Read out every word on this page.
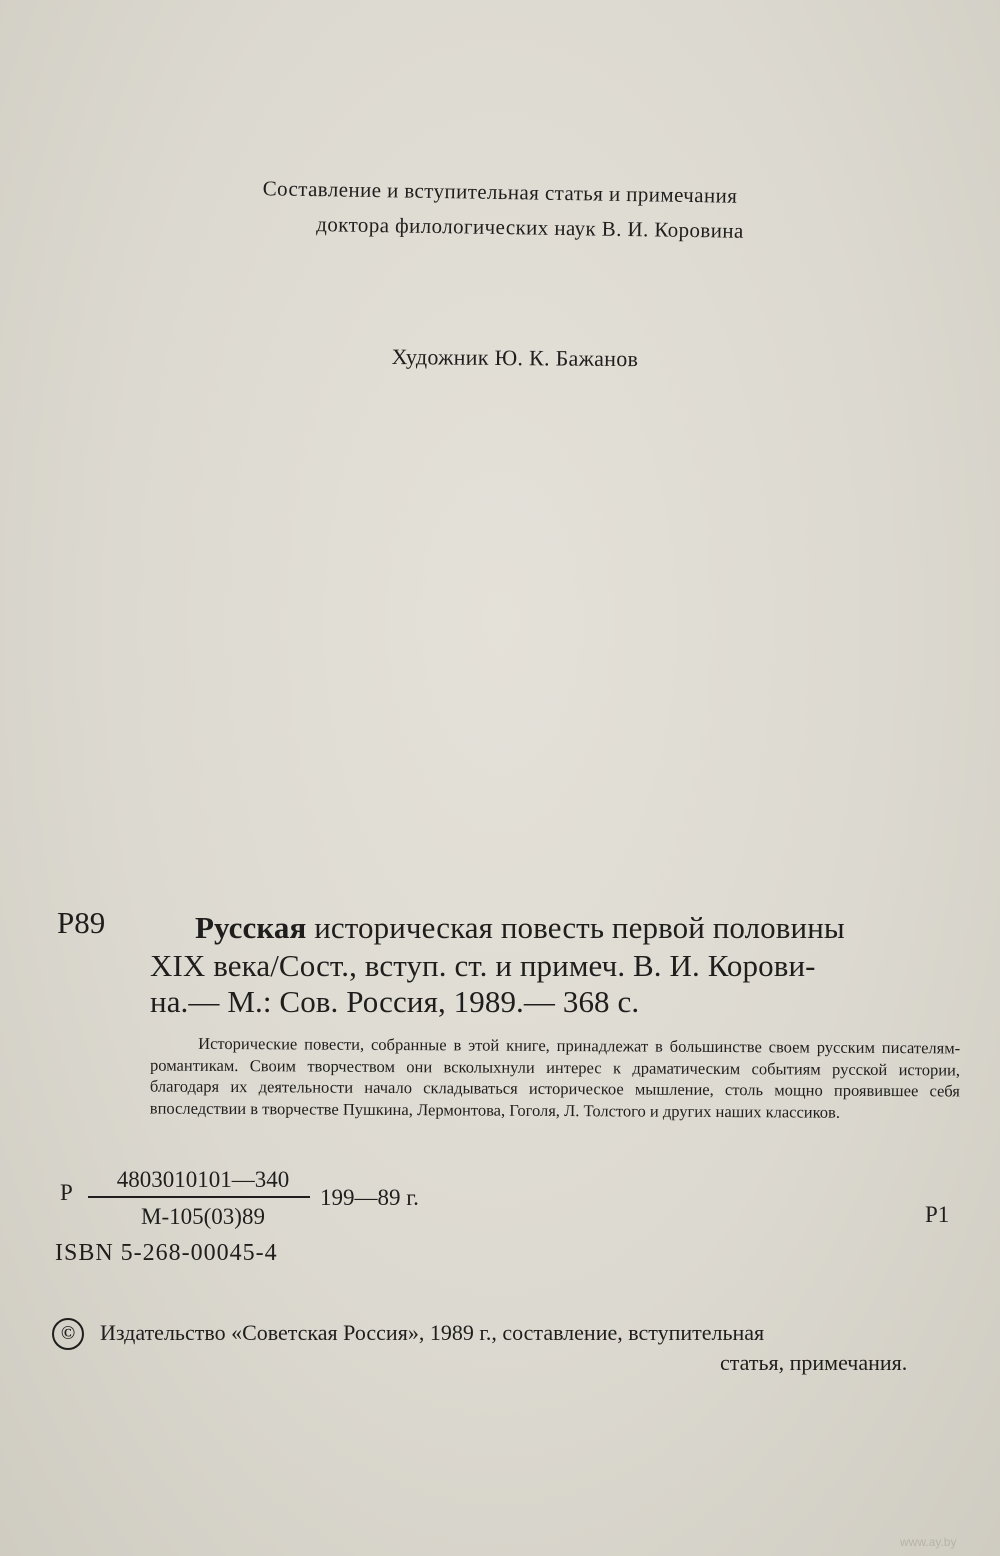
Составление и вступительная статья и примечания
доктора филологических наук В. И. Коровина
Художник Ю. К. Бажанов
Р89	Русская историческая повесть первой половины
XIX века/Сост., вступ. ст. и примеч. В. И. Корови-
на.— М.: Сов. Россия, 1989.— 368 с.
Исторические повести, собранные в этой книге, принадлежат в большинстве своем русским писателям-романтикам. Своим творчеством они всколыхнули интерес к драматическим событиям русской истории, благодаря их деятельности начало складываться историческое мышление, столь мощно проявившее себя впоследствии в творчестве Пушкина, Лермонтова, Гоголя, Л. Толстого и других наших классиков.
Р
4803010101—340
М-105(03)89
199—89 г.
Р1
ISBN 5-268-00045-4
©	Издательство «Советская Россия», 1989 г., составление, вступительная
статья, примечания.
www.ay.by
